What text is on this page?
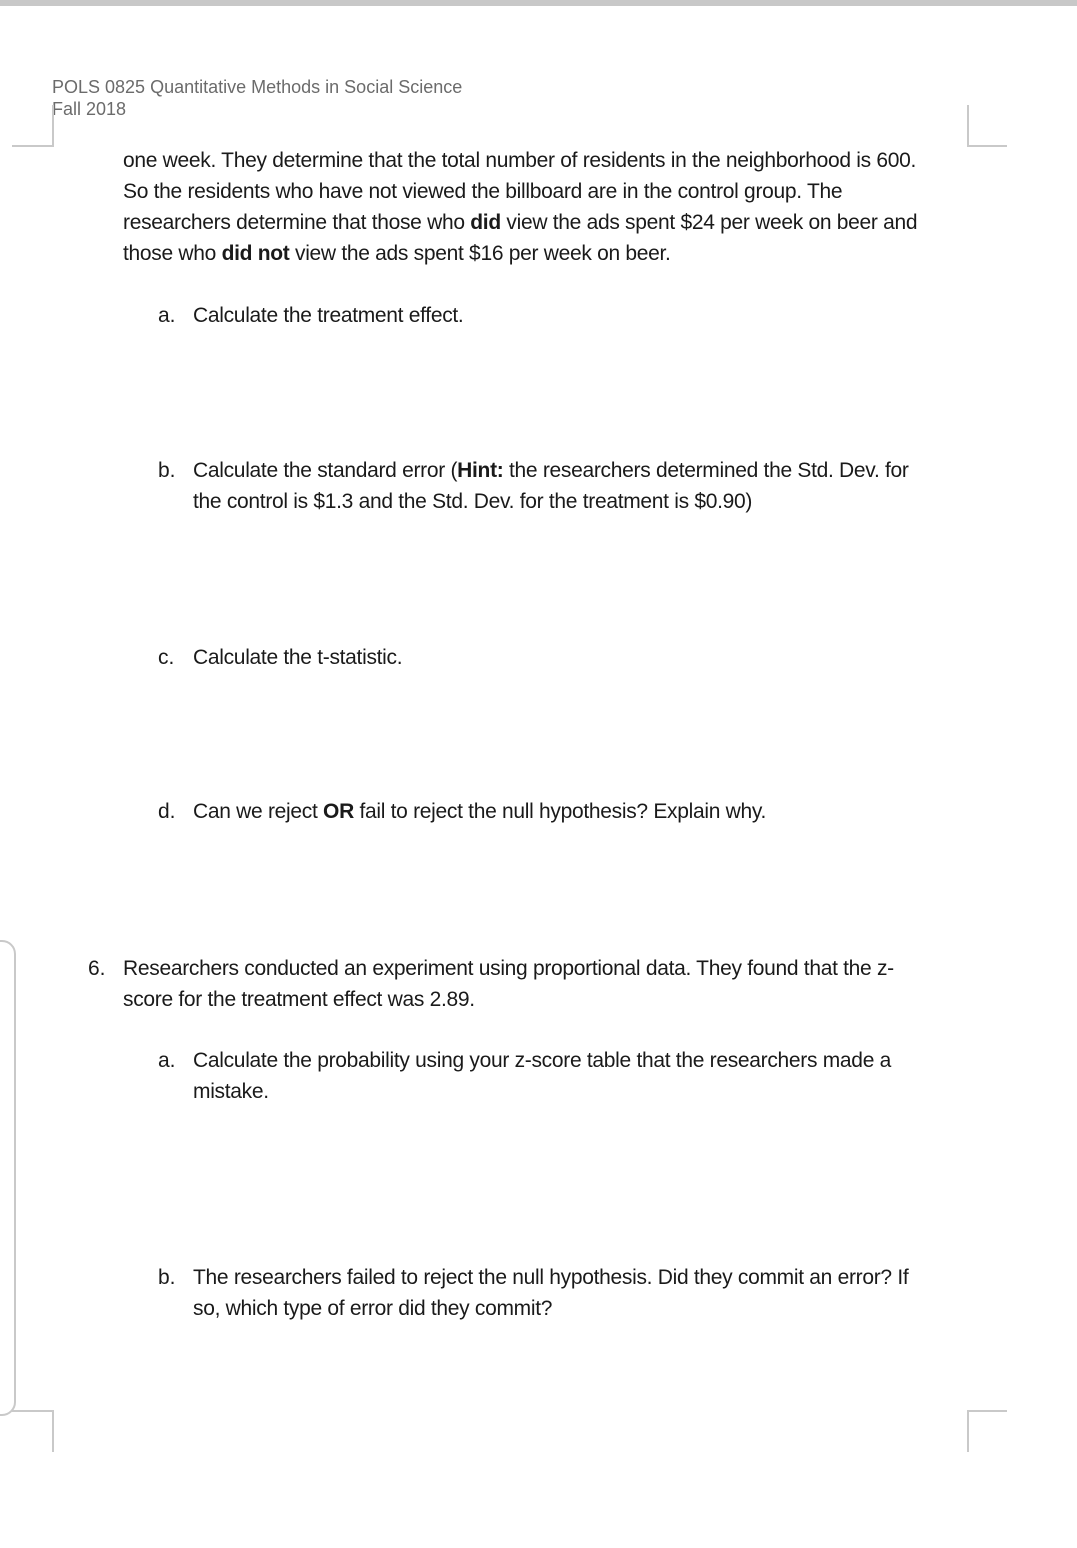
POLS 0825 Quantitative Methods in Social Science
Fall 2018
one week. They determine that the total number of residents in the neighborhood is 600.
So the residents who have not viewed the billboard are in the control group. The
researchers determine that those who did view the ads spent $24 per week on beer and
those who did not view the ads spent $16 per week on beer.
a. Calculate the treatment effect.
b. Calculate the standard error (Hint: the researchers determined the Std. Dev. for
the control is $1.3 and the Std. Dev. for the treatment is $0.90)
c. Calculate the t-statistic.
d. Can we reject OR fail to reject the null hypothesis? Explain why.
6. Researchers conducted an experiment using proportional data. They found that the z-
score for the treatment effect was 2.89.
a. Calculate the probability using your z-score table that the researchers made a
mistake.
b. The researchers failed to reject the null hypothesis. Did they commit an error? If
so, which type of error did they commit?
